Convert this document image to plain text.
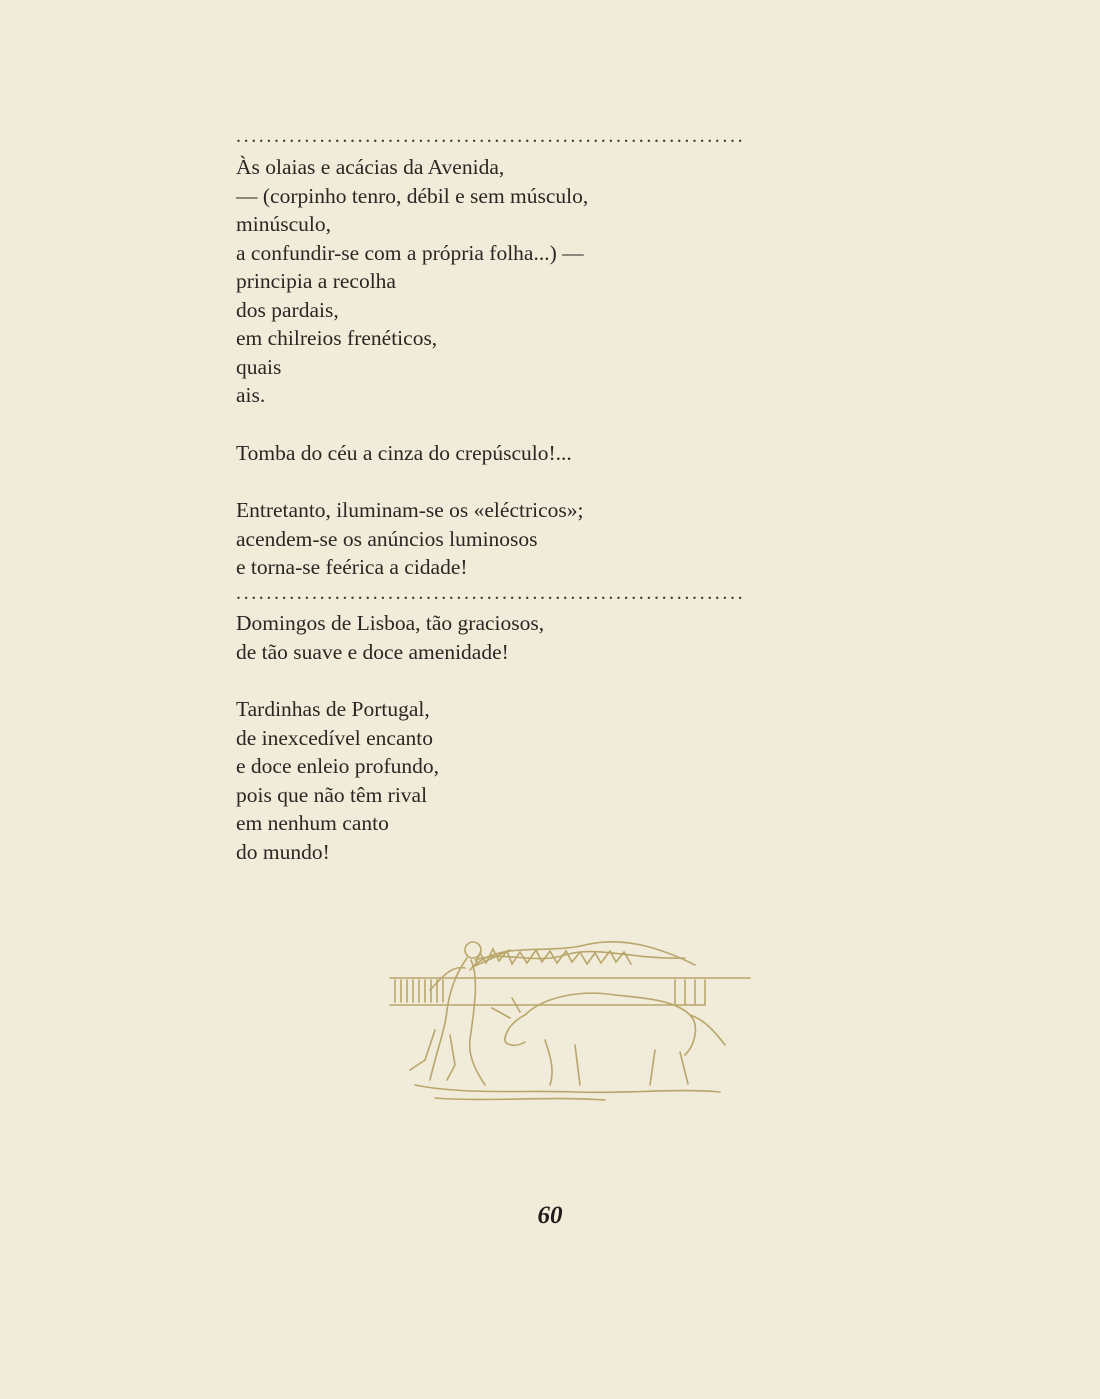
...................................................................
Às olaias e acácias da Avenida,
— (corpinho tenro, débil e sem músculo,
minúsculo,
a confundir-se com a própria folha...) —
principia a recolha
dos pardais,
em chilreios frenéticos,
quais
ais.
Tomba do céu a cinza do crepúsculo!...
Entretanto, iluminam-se os «eléctricos»;
acendem-se os anúncios luminosos
e torna-se feérica a cidade!
...................................................................
Domingos de Lisboa, tão graciosos,
de tão suave e doce amenidade!
Tardinhas de Portugal,
de inexcedível encanto
e doce enleio profundo,
pois que não têm rival
em nenhum canto
do mundo!
60
